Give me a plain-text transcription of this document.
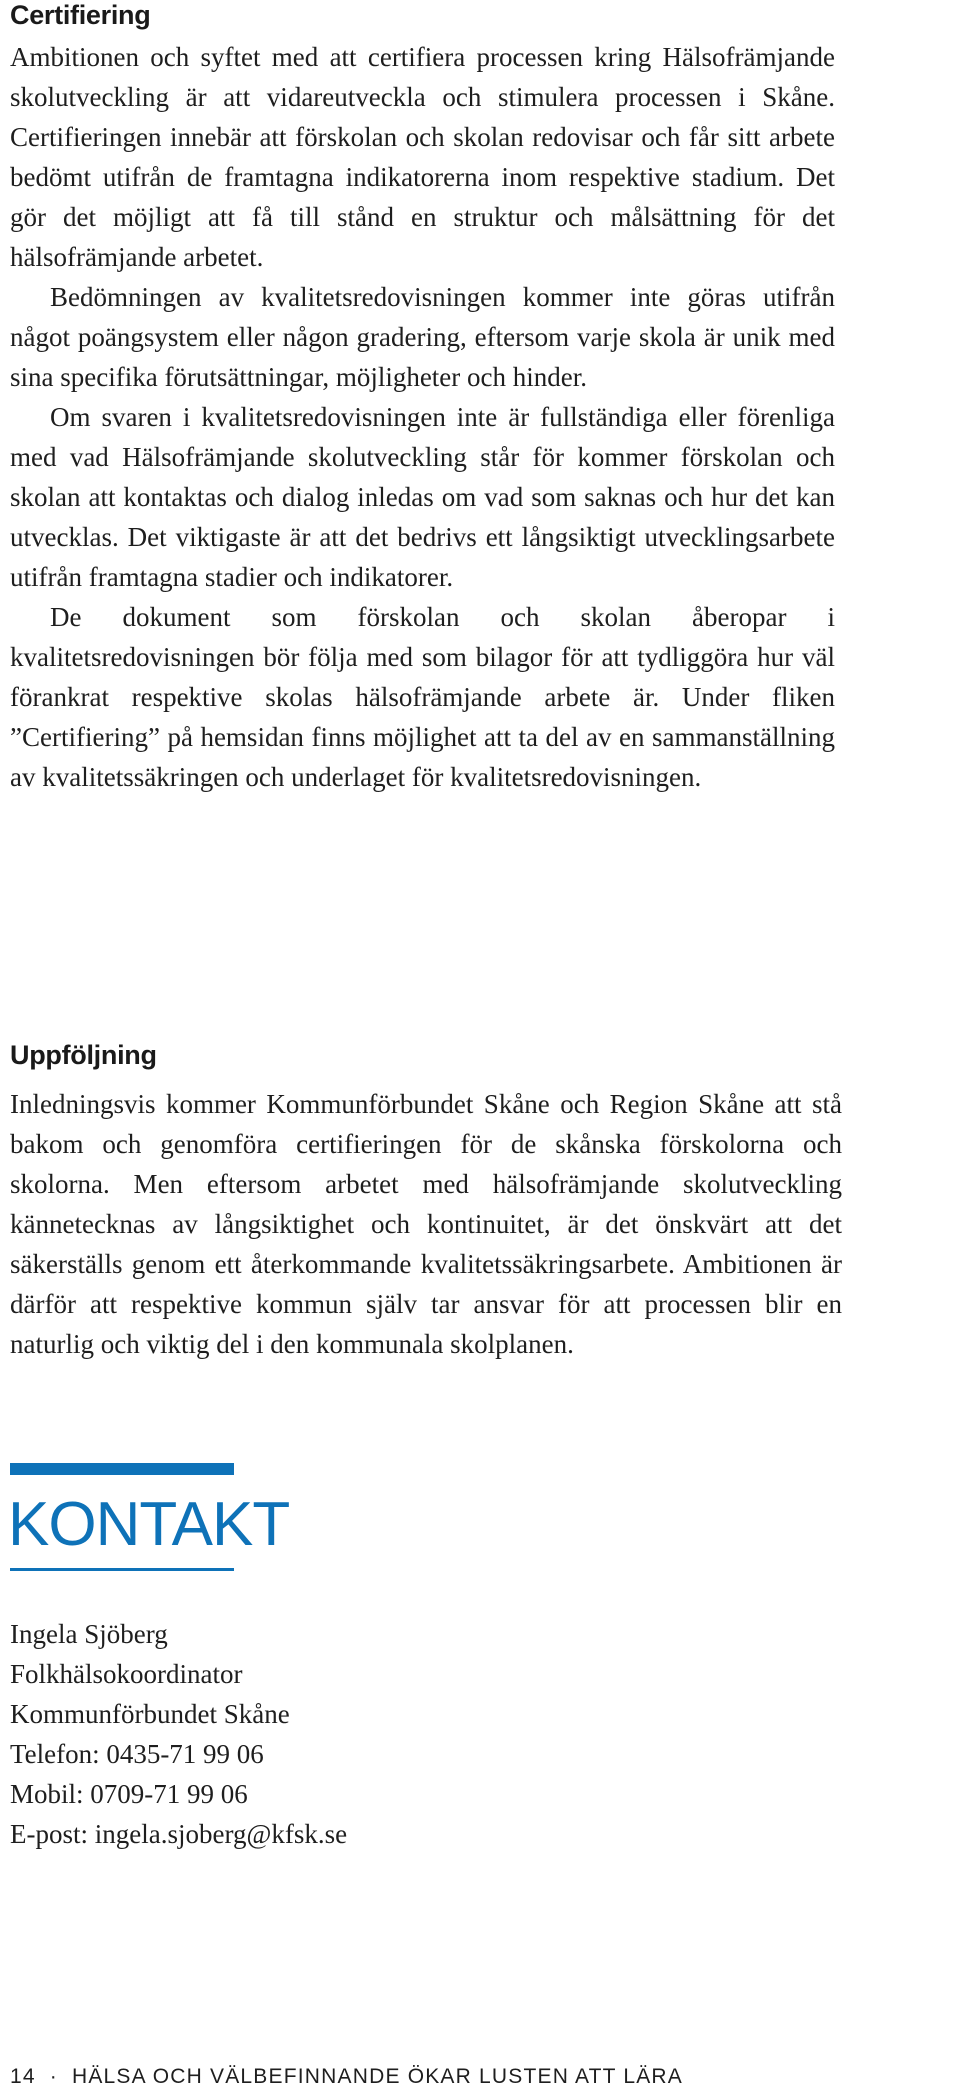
Certifiering

Ambitionen och syftet med att certifiera processen kring Hälsofrämjande skolutveckling är att vidareutveckla och stimulera processen i Skåne. Certifieringen innebär att förskolan och skolan redovisar och får sitt arbete bedömt utifrån de framtagna indikatorerna inom respektive stadium. Det gör det möjligt att få till stånd en struktur och målsättning för det hälsofrämjande arbetet.

Bedömningen av kvalitetsredovisningen kommer inte göras utifrån något poängsystem eller någon gradering, eftersom varje skola är unik med sina specifika förutsättningar, möjligheter och hinder.

Om svaren i kvalitetsredovisningen inte är fullständiga eller förenliga med vad Hälsofrämjande skolutveckling står för kommer förskolan och skolan att kontaktas och dialog inledas om vad som saknas och hur det kan utvecklas. Det viktigaste är att det bedrivs ett långsiktigt utvecklingsarbete utifrån framtagna stadier och indikatorer.

De dokument som förskolan och skolan åberopar i kvalitetsredovisningen bör följa med som bilagor för att tydliggöra hur väl förankrat respektive skolas hälsofrämjande arbete är. Under fliken ”Certifiering” på hemsidan finns möjlighet att ta del av en sammanställning av kvalitetssäkringen och underlaget för kvalitetsredovisningen.

Uppföljning

Inledningsvis kommer Kommunförbundet Skåne och Region Skåne att stå bakom och genomföra certifieringen för de skånska förskolorna och skolorna. Men eftersom arbetet med hälsofrämjande skolutveckling kännetecknas av långsiktighet och kontinuitet, är det önskvärt att det säkerställs genom ett återkommande kvalitetssäkringsarbete. Ambitionen är därför att respektive kommun själv tar ansvar för att processen blir en naturlig och viktig del i den kommunala skolplanen.

KONTAKT
Ingela Sjöberg
Folkhälsokoordinator
Kommunförbundet Skåne
Telefon: 0435-71 99 06
Mobil: 0709-71 99 06
E-post: ingela.sjoberg@kfsk.se
14 · HÄLSA OCH VÄLBEFINNANDE ÖKAR LUSTEN ATT LÄRA
